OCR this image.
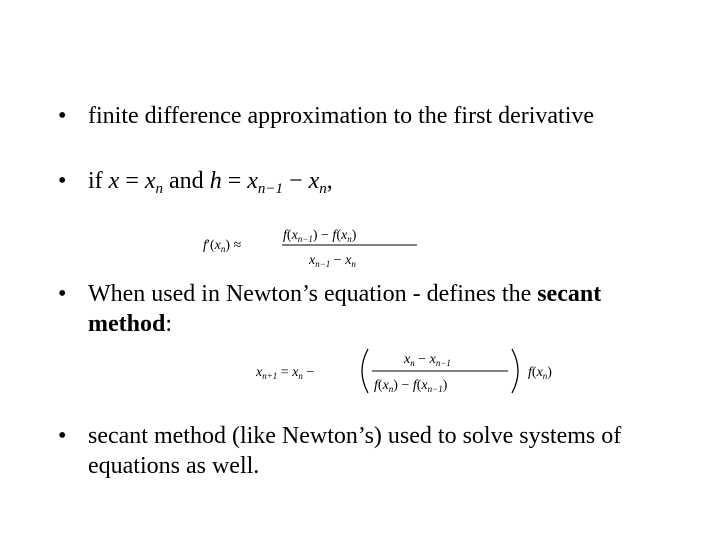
• finite difference approximation to the first derivative
• if $x = x_n$ and $h = x_{n-1} - x_n$,
$f'(x_n)$ ≈
$f(x_{n-1}) - f(x_n)$
$x_{n-1} - x_n$
• When used in Newton’s equation - defines the secant method:
$x_{n+1} = x_n$ −
$x_n - x_{n-1}$
$f(x_n) - f(x_{n-1})$
$f(x_n)$
• secant method (like Newton’s) used to solve systems of equations as well.
